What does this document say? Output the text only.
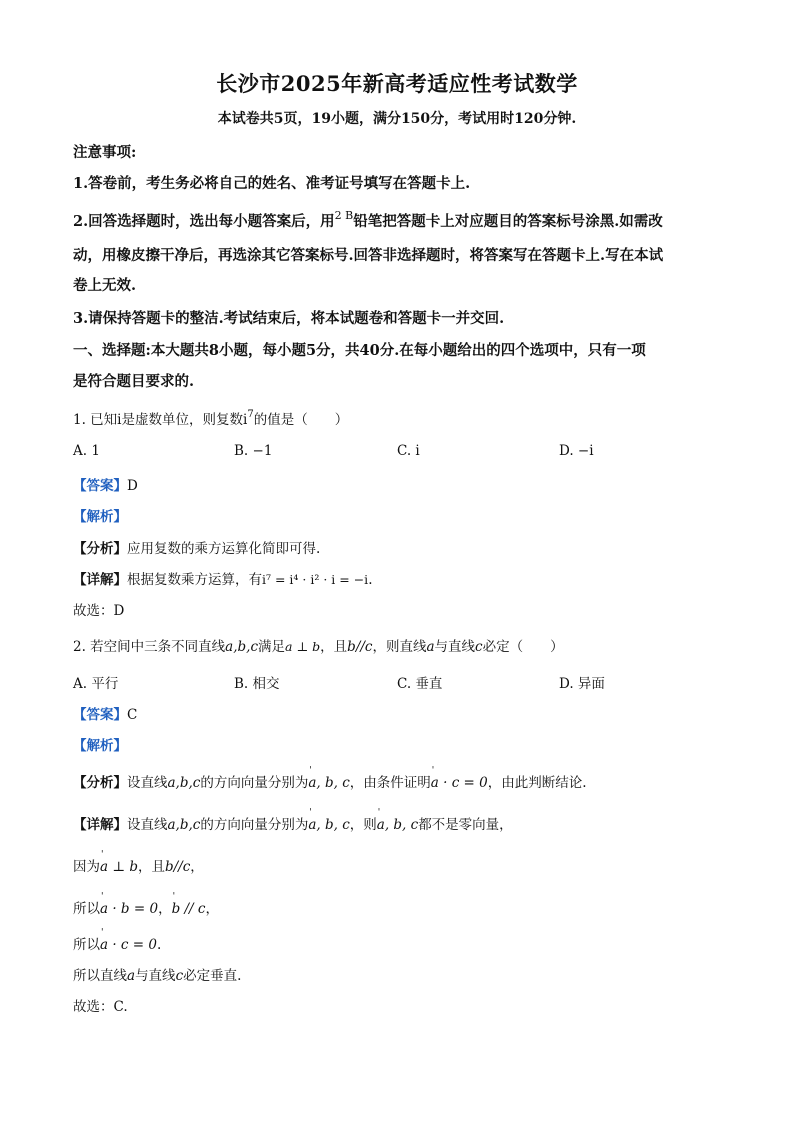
长沙市2025年新高考适应性考试数学
本试卷共5页，19小题，满分150分，考试用时120分钟.
注意事项:
1.答卷前，考生务必将自己的姓名、准考证号填写在答题卡上.
2.回答选择题时，选出每小题答案后，用$^{2 B}$铅笔把答题卡上对应题目的答案标号涂黑.如需改
动，用橡皮擦干净后，再选涂其它答案标号.回答非选择题时，将答案写在答题卡上.写在本试
卷上无效.
3.请保持答题卡的整洁.考试结束后，将本试题卷和答题卡一并交回.
一、选择题:本大题共8小题，每小题5分，共40分.在每小题给出的四个选项中，只有一项
是符合题目要求的.
1. 已知i是虚数单位，则复数$i^7$的值是（　　）
A. 1	B. −1	C. i	D. −i
【答案】D
【解析】
【分析】应用复数的乘方运算化简即可得.
【详解】根据复数乘方运算，有i⁷ = i⁴ · i² · i = −i.
故选：D
2. 若空间中三条不同直线a,b,c满足a ⊥ b，且b//c，则直线a与直线c必定（　　）
A. 平行	B. 相交	C. 垂直	D. 异面
【答案】C
【解析】
【分析】设直线a,b,c的方向向量分别为' a, b, c，由条件证明' a · c = 0，由此判断结论.
【详解】设直线a,b,c的方向向量分别为' a, b, c，则' a, b, c都不是零向量，
因为' a ⊥ b，且b//c，
所以' a · b = 0，' b // c，
所以' a · c = 0.
所以直线a与直线c必定垂直.
故选：C.
